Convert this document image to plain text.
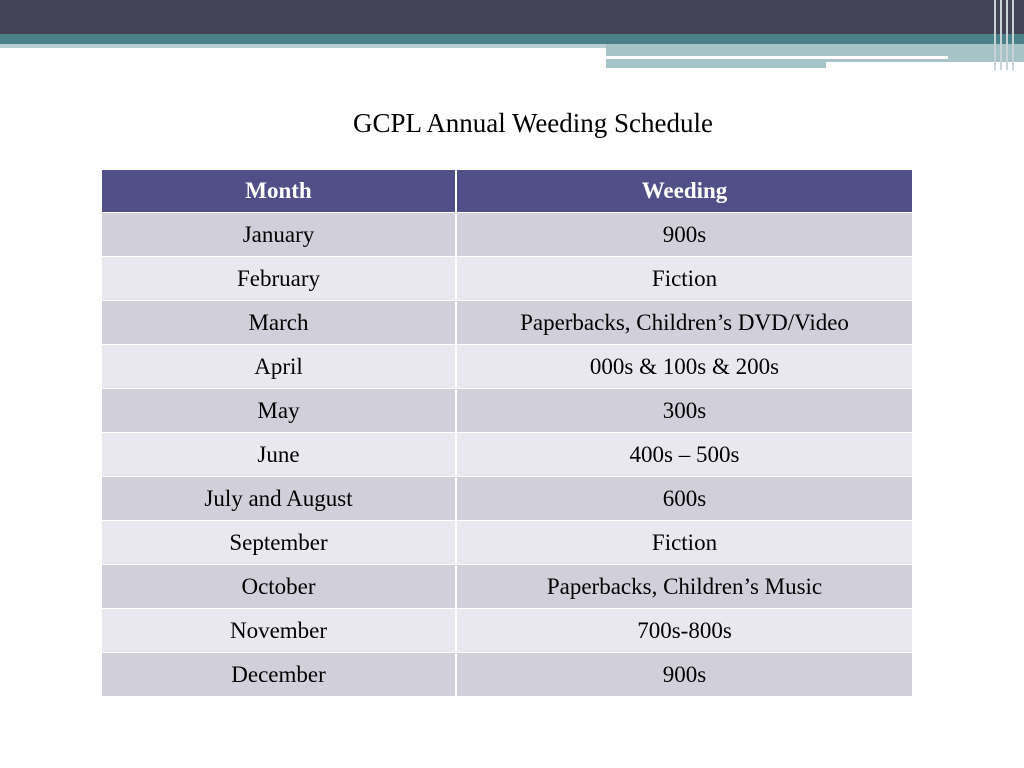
GCPL Annual Weeding Schedule
Month	Weeding
January	900s
February	Fiction
March	Paperbacks, Children’s DVD/Video
April	000s & 100s & 200s
May	300s
June	400s – 500s
July and August	600s
September	Fiction
October	Paperbacks, Children’s Music
November	700s-800s
December	900s
